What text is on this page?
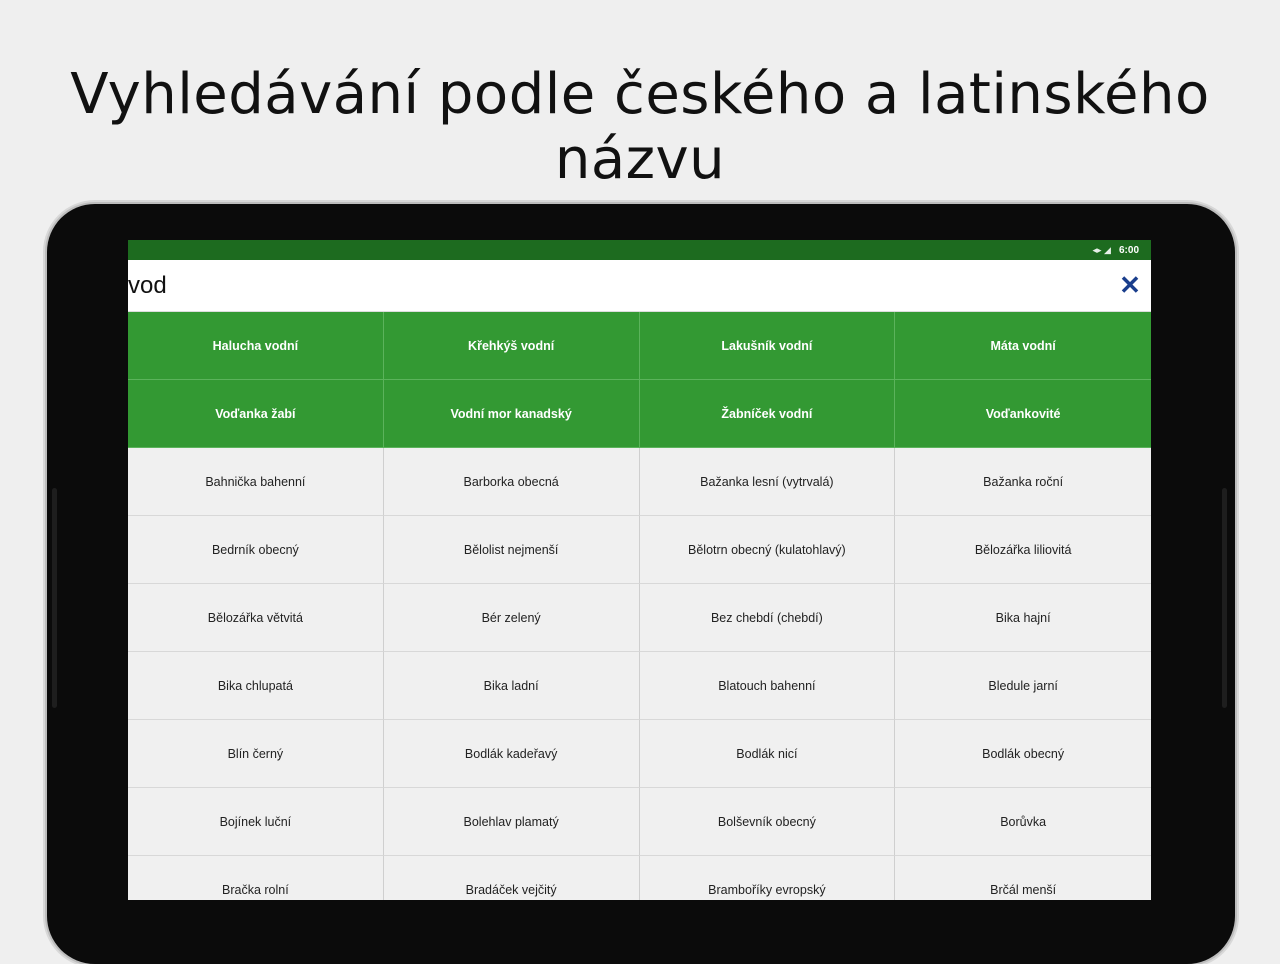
Vyhledávání podle českého a latinského názvu
◂▸ ◢ 6:00
vod
✕
Halucha vodní	Křehkýš vodní	Lakušník vodní	Máta vodní
Voďanka žabí	Vodní mor kanadský	Žabníček vodní	Voďankovité
Bahnička bahenní	Barborka obecná	Bažanka lesní (vytrvalá)	Bažanka roční
Bedrník obecný	Bělolist nejmenší	Bělotrn obecný (kulatohlavý)	Bělozářka liliovitá
Bělozářka větvitá	Bér zelený	Bez chebdí (chebdí)	Bika hajní
Bika chlupatá	Bika ladní	Blatouch bahenní	Bledule jarní
Blín černý	Bodlák kadeřavý	Bodlák nicí	Bodlák obecný
Bojínek luční	Bolehlav plamatý	Bolševník obecný	Borůvka
Bračka rolní	Bradáček vejčitý	Bramboříky evropský	Brčál menší
